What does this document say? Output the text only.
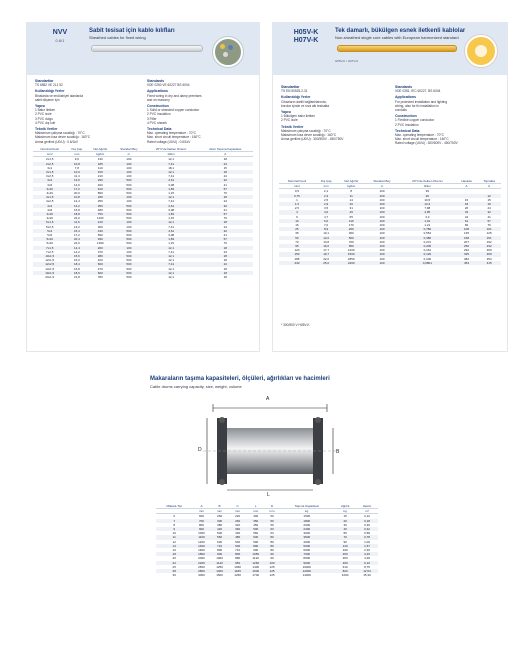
NVV
0.6/1
Sabit tesisat için kablo kılıfları
Sheathed cables for fixed wiring
Standartlar
TS 6582 VE 2L1 52
Kullanıldığı Yerler
Binalarda ve endüstriyel alanlarda
sabit döşeme için
Yapısı
1 Bakır iletken
2 PVC izole
3 PVC dolgu
4 PVC dış kılıf
Teknik Veriler
Maksimum çalışma sıcaklığı : 70°C
Maksimum kısa devre sıcaklığı : 160°C
Anma gerilimi (U0/U) : 0.6/1kV
Standards
VDE 0250 VE 60227 BS 6004
Applications
Fixed wiring in dry and damp premises
and on masonry
Construction
1 Solid or stranded copper conductor
2 PVC insulation
3 Filler
4 PVC sheath
Technical Data
Max. operating temperature : 70°C
Max. short circuit temperature : 160°C
Rated voltage (U0/U) : 0.6/1kV
Nominal Kesit	Dış Çap	Net Ağırlık	Standart Boy	20°C'de İletken Direnci	Akım Taşıma Kapasitesi
mm²	mm	kg/km	m	Ω/km	A
2x1,5	9,6	130	100	12,1	18
2x2,5	10,8	185	100	7,41	24
3x1	7,8	110	100	18,1	15
3x1,5	10,0	150	100	12,1	18
3x2,5	11,4	210	100	7,41	24
3x4	13,0	290	500	4,61	32
3x6	14,6	400	500	3,08	41
3x10	17,2	610	500	1,83	57
3x16	20,0	890	500	1,15	76
4x1,5	10,8	180	100	12,1	18
4x2,5	12,4	250	100	7,41	24
4x4	14,2	350	500	4,61	32
4x6	15,8	480	500	3,08	41
4x10	18,8	750	500	1,83	57
4x16	22,0	1100	500	1,15	76
5x1,5	11,6	210	100	12,1	18
5x2,5	13,2	300	100	7,41	24
5x4	15,4	430	500	4,61	32
5x6	17,2	590	500	3,08	41
5x10	20,4	930	500	1,83	57
5x16	24,0	1390	500	1,15	76
7x1,5	12,4	260	100	12,1	18
7x2,5	14,2	370	100	7,41	24
10x1,5	15,6	380	500	12,1	18
12x1,5	16,0	420	500	12,1	18
12x2,5	18,4	600	500	7,41	24
14x1,5	16,8	470	500	12,1	18
19x1,5	18,6	600	500	12,1	18
24x1,5	21,8	780	500	12,1	18
H05V-K
H07V-K
Tek damarlı, bükülgen esnek iletkenli kablolar
Non-sheathed single core cables with European harmonized standard
H05V-K / H07V-K
Standartlar
TS EN 50525-2-31
Kullanıldığı Yerler
Cihazların dahili bağlantılarında,
borular içinde ve sıva altı tesisatta
Yapısı
1 Bükülgen bakır iletken
2 PVC izole
Teknik Veriler
Maksimum çalışma sıcaklığı : 70°C
Maksimum kısa devre sıcaklığı : 160°C
Anma gerilimi (U0/U) : 300/500V - 450/750V
Standards
VDE 0281, IEC 60227, BS 6004
Applications
For protected installation and lighting
wiring, also for fix installation in
conduits
Construction
1 Flexible copper conductor
2 PVC insulation
Technical Data
Max. operating temperature : 70°C
Max. short circuit temperature : 160°C
Rated voltage (U0/U) : 300/500V - 450/750V
Nominal Kesit	Dış Çap	Net Ağırlık	Standart Boy	20°C'de İletken Direnci	Havada	Toprakta
mm²	mm	kg/km	m	Ω/km	A	A
0,5	2,1	8	100	39		
0,75	2,3	11	100	26		12
1	2,5	14	100	19,5	15	15
1,5	2,9	20	100	13,3	18	19
2,5	3,5	31	100	7,98	26	24
4	4,0	46	100	4,95	34	32
6	4,7	65	100	3,3	44	41
10	6,0	110	100	1,91	61	57
16	7,0	170	100	1,21	82	76
25	8,9	260	100	0,780	108	101
35	10,1	360	100	0,554	135	125
50	12,0	500	100	0,386	168	151
70	13,8	700	100	0,272	207	192
95	16,0	950	100	0,206	250	232
120	17,7	1200	100	0,161	292	269
150	19,7	1500	100	0,129	335	309
185	22,0	1850	100	0,106	382	353
240	25,0	2400	100	0,0801	453	415
* 300/500 V H05V-K
Makaraların taşıma kapasiteleri, ölçüleri, ağırlıkları ve hacimleri
Cable drums carrying capacity, size, weight, volume
A
D	B
L
Makara Tipi	A	B	C	L	D	Taşıma Kapasitesi	Ağırlık	Hacim
	mm	mm	mm	mm	mm	kg	kg	m³
6	600	260	220	300	50	1500	15	0,12
7	700	300	260	350	50	1800	20	0,18
8	800	380	320	450	50	2000	30	0,30
9	900	420	360	500	63	2400	40	0,42
10	1000	500	430	560	63	3000	55	0,58
11	1100	560	480	630	80	3500	70	0,78
12	1200	630	530	690	80	4000	90	1,00
14	1400	710	600	800	80	5000	140	1,57
16	1600	800	710	900	80	6000	190	2,30
18	1800	900	800	1050	90	7000	260	3,40
20	2000	1000	880	1120	90	8000	350	4,48
22	2200	1120	950	1260	100	9000	460	6,10
25	2500	1250	1060	1400	125	10000	610	8,75
28	2800	1400	1180	1600	125	12000	820	12,54
30	3000	1500	1250	1700	125	14000	1000	15,30
